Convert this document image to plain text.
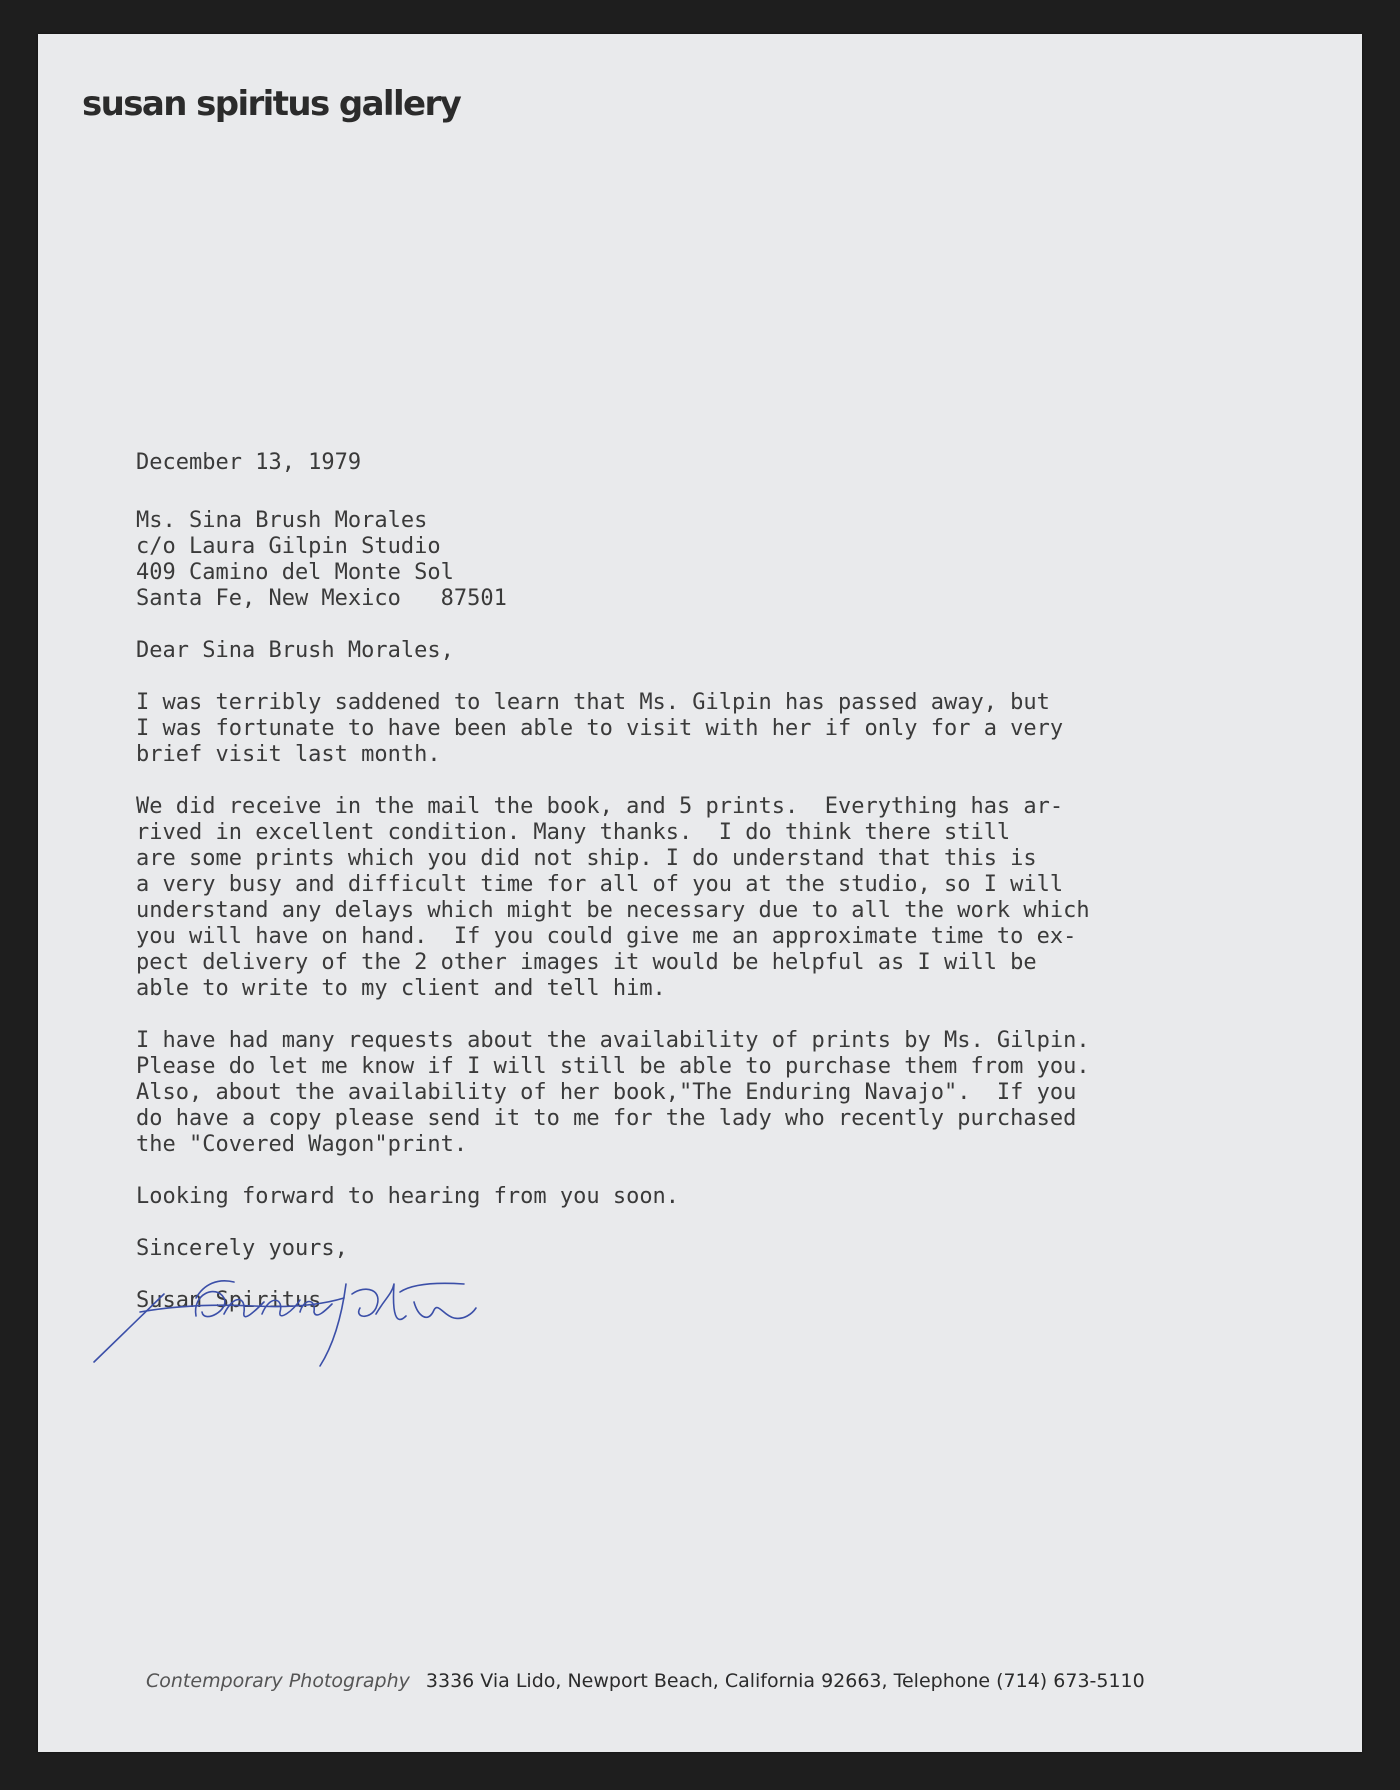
susan spiritus gallery
December 13, 1979
Ms. Sina Brush Morales
c/o Laura Gilpin Studio
409 Camino del Monte Sol
Santa Fe, New Mexico   87501
Dear Sina Brush Morales,
I was terribly saddened to learn that Ms. Gilpin has passed away, but
I was fortunate to have been able to visit with her if only for a very
brief visit last month.
We did receive in the mail the book, and 5 prints.  Everything has ar-
rived in excellent condition. Many thanks.  I do think there still
are some prints which you did not ship. I do understand that this is
a very busy and difficult time for all of you at the studio, so I will
understand any delays which might be necessary due to all the work which
you will have on hand.  If you could give me an approximate time to ex-
pect delivery of the 2 other images it would be helpful as I will be
able to write to my client and tell him.
I have had many requests about the availability of prints by Ms. Gilpin.
Please do let me know if I will still be able to purchase them from you.
Also, about the availability of her book,"The Enduring Navajo".  If you
do have a copy please send it to me for the lady who recently purchased
the "Covered Wagon"print.
Looking forward to hearing from you soon.
Sincerely yours,
Susan Spiritus
Contemporary Photography 3336 Via Lido, Newport Beach, California 92663, Telephone (714) 673-5110
